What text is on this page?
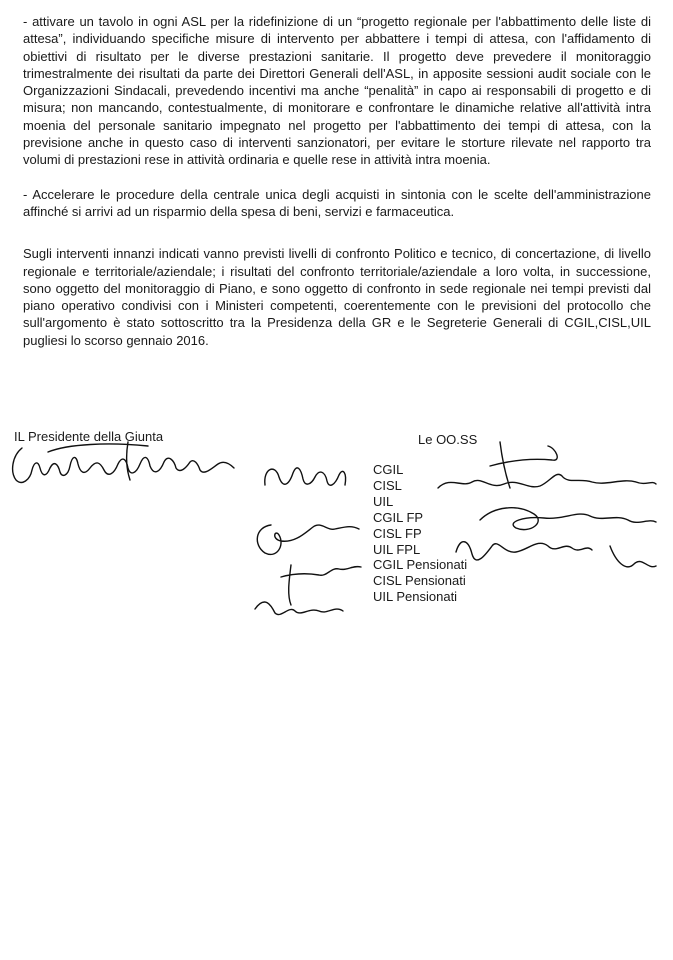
- attivare un tavolo in ogni ASL per la ridefinizione di un “progetto regionale per l'abbattimento delle liste di attesa”, individuando specifiche misure di intervento per abbattere i tempi di attesa, con l'affidamento di obiettivi di risultato per le diverse prestazioni sanitarie. Il progetto deve prevedere il monitoraggio trimestralmente dei risultati da parte dei Direttori Generali dell'ASL, in apposite sessioni audit sociale con le Organizzazioni Sindacali, prevedendo incentivi ma anche “penalità” in capo ai responsabili di progetto e di misura; non mancando, contestualmente, di monitorare e confrontare le dinamiche relative all'attività intra moenia del personale sanitario impegnato nel progetto per l'abbattimento dei tempi di attesa, con la previsione anche in questo caso di interventi sanzionatori, per evitare le storture rilevate nel rapporto tra volumi di prestazioni rese in attività ordinaria e quelle rese in attività intra moenia.

- Accelerare le procedure della centrale unica degli acquisti in sintonia con le scelte dell'amministrazione affinché si arrivi ad un risparmio della spesa di beni, servizi e farmaceutica.

Sugli interventi innanzi indicati vanno previsti livelli di confronto Politico e tecnico, di concertazione, di livello regionale e territoriale/aziendale; i risultati del confronto territoriale/aziendale a loro volta, in successione, sono oggetto del monitoraggio di Piano, e sono oggetto di confronto in sede regionale nei tempi previsti dal piano operativo condivisi con i Ministeri competenti, coerentemente con le previsioni del protocollo che sull'argomento è stato sottoscritto tra la Presidenza della GR e le Segreterie Generali di CGIL,CISL,UIL pugliesi lo scorso gennaio 2016.

IL Presidente della Giunta	Le OO.SS
CGIL
CISL
UIL
CGIL FP
CISL FP
UIL FPL
CGIL Pensionati
CISL Pensionati
UIL Pensionati
